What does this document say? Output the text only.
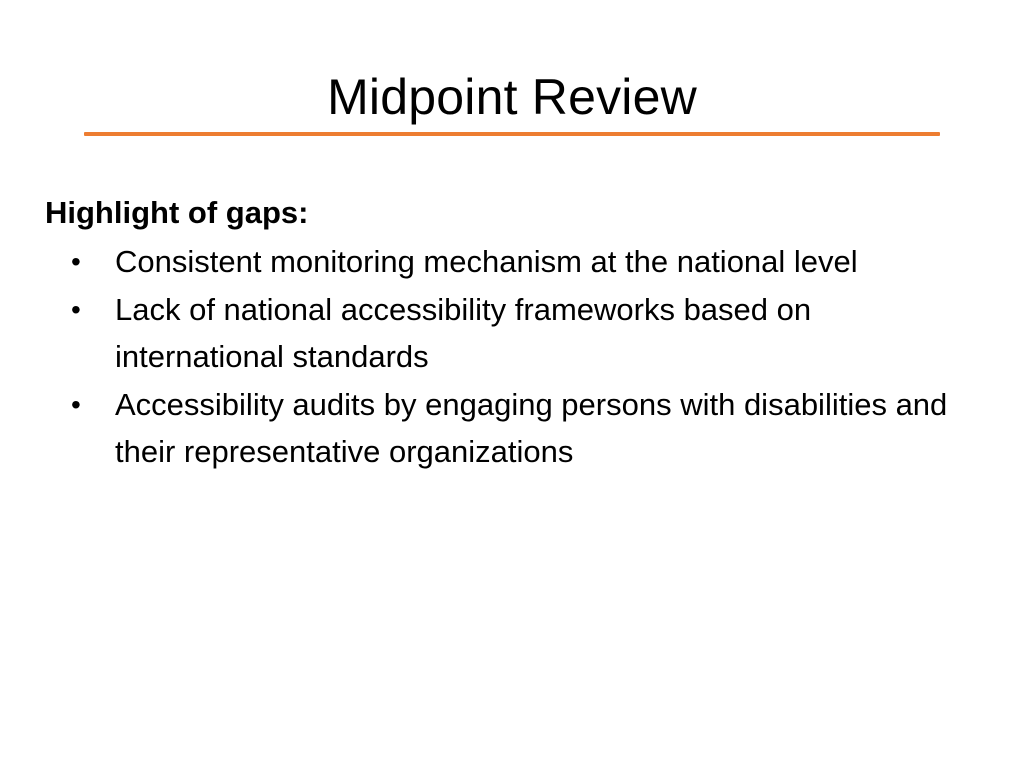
Midpoint Review
Highlight of gaps:
• Consistent monitoring mechanism at the national level
• Lack of national accessibility frameworks based on international standards
• Accessibility audits by engaging persons with disabilities and their representative organizations
